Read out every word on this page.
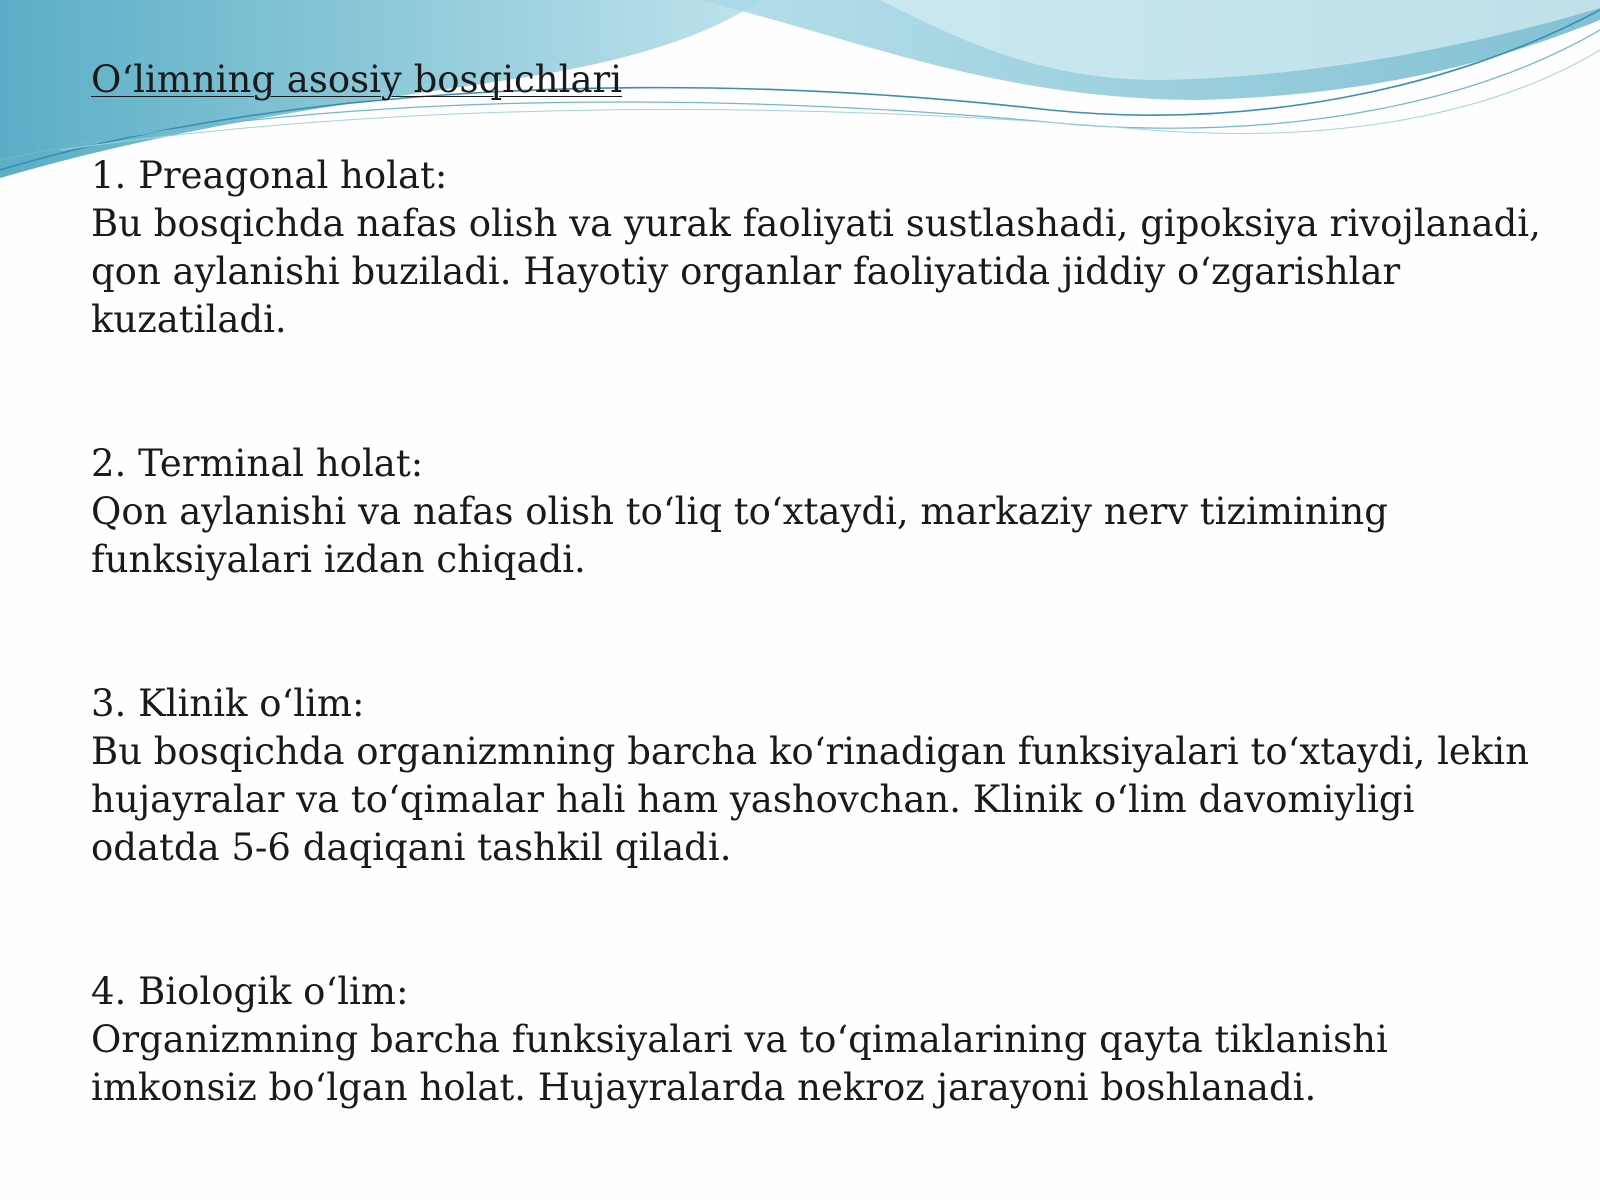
O‘limning asosiy bosqichlari
1. Preagonal holat:
Bu bosqichda nafas olish va yurak faoliyati sustlashadi, gipoksiya rivojlanadi, qon aylanishi buziladi. Hayotiy organlar faoliyatida jiddiy o‘zgarishlar kuzatiladi.
2. Terminal holat:
Qon aylanishi va nafas olish to‘liq to‘xtaydi, markaziy nerv tizimining funksiyalari izdan chiqadi.
3. Klinik o‘lim:
Bu bosqichda organizmning barcha ko‘rinadigan funksiyalari to‘xtaydi, lekin hujayralar va to‘qimalar hali ham yashovchan. Klinik o‘lim davomiyligi odatda 5-6 daqiqani tashkil qiladi.
4. Biologik o‘lim:
Organizmning barcha funksiyalari va to‘qimalarining qayta tiklanishi imkonsiz bo‘lgan holat. Hujayralarda nekroz jarayoni boshlanadi.
